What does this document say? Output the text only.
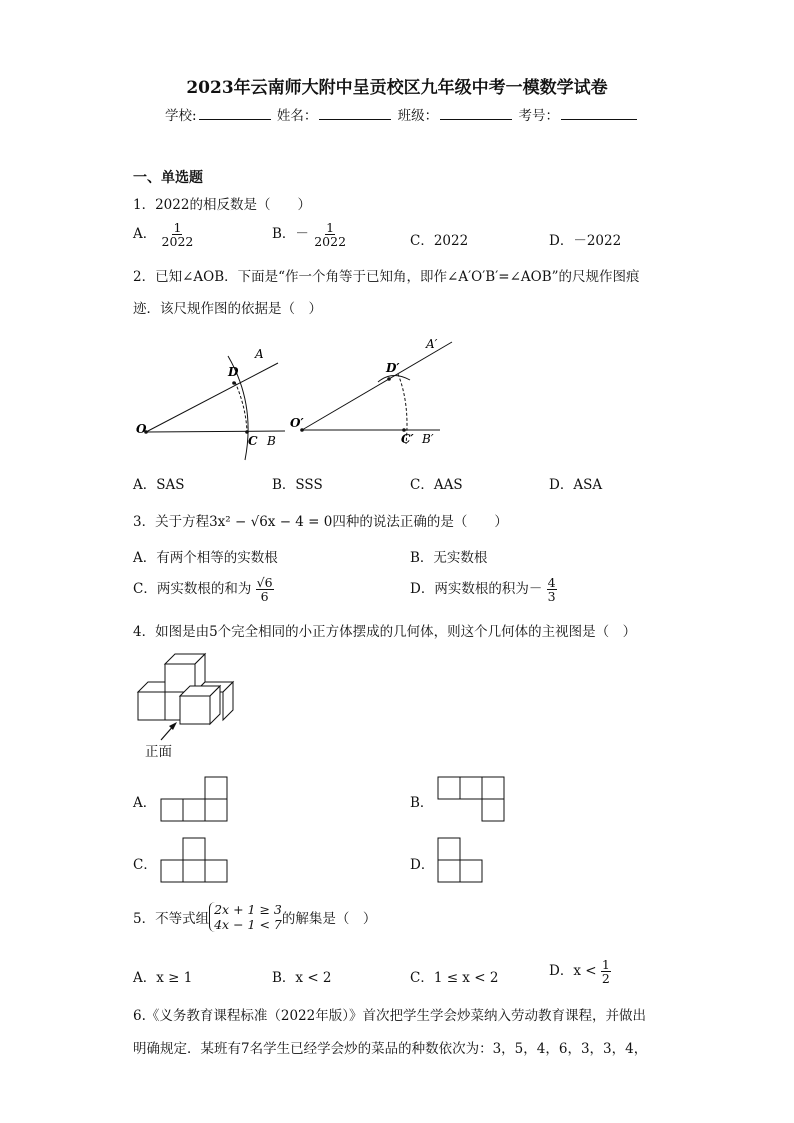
2023年云南师大附中呈贡校区九年级中考一模数学试卷
学校:	姓名：	班级：	考号：
一、单选题
1．2022的相反数是（　　）
A． $\frac{1}{2022}$	B．－ $\frac{1}{2022}$	C．2022	D．－2022
2．已知∠AOB．下面是“作一个角等于已知角，即作∠A′O′B′=∠AOB”的尺规作图痕
迹．该尺规作图的依据是（　）
A
D
O
C B
A′
D′
O′
C′ B′
A．SAS	B．SSS	C．AAS	D．ASA
3．关于方程3x² − √6x − 4 = 0四种的说法正确的是（　　）
A．有两个相等的实数根	B．无实数根
C．两实数根的和为 $\frac{√6}{6}$	D．两实数根的积为－ $\frac{4}{3}$
4．如图是由5个完全相同的小正方体摆成的几何体，则这个几何体的主视图是（　）
正面
A．	B．
C．	D．
5．不等式组
2x + 1 ≥ 3
4x − 1 < 7 的解集是（　）
A．x ≥ 1	B．x < 2	C．1 ≤ x < 2	D．$x < \frac{1}{2}$
6.《义务教育课程标准（2022年版）》首次把学生学会炒菜纳入劳动教育课程，并做出
明确规定．某班有7名学生已经学会炒的菜品的种数依次为：3，5，4，6，3，3，4，
